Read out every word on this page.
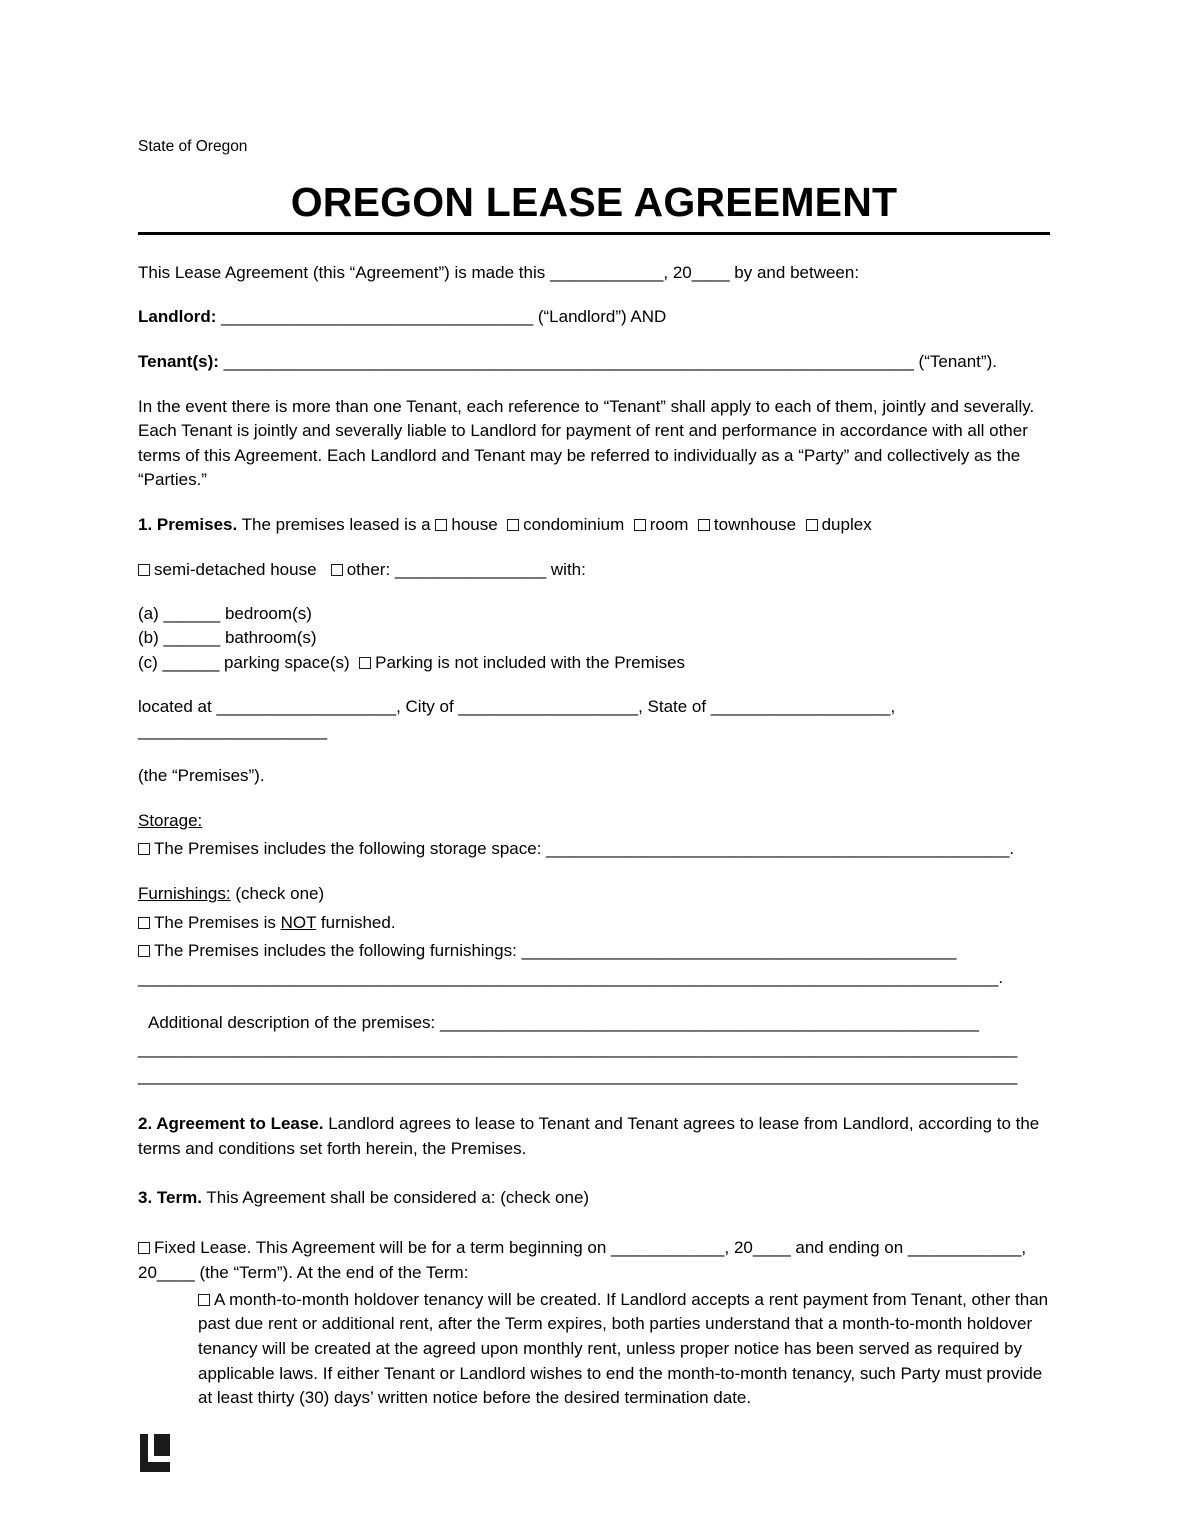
State of Oregon

OREGON LEASE AGREEMENT

This Lease Agreement (this “Agreement”) is made this ____________, 20____ by and between:

Landlord: _________________________________ (“Landlord”) AND

Tenant(s): _________________________________________________________________________ (“Tenant”).

In the event there is more than one Tenant, each reference to “Tenant” shall apply to each of them, jointly and severally. Each Tenant is jointly and severally liable to Landlord for payment of rent and performance in accordance with all other terms of this Agreement. Each Landlord and Tenant may be referred to individually as a “Party” and collectively as the “Parties.”

1. Premises. The premises leased is a house condominium room townhouse duplex

semi-detached house other: ________________ with:

(a) ______ bedroom(s)

(b) ______ bathroom(s)

(c) ______ parking space(s) Parking is not included with the Premises

located at ___________________, City of ___________________, State of ___________________, ____________________

(the “Premises”).

Storage:

The Premises includes the following storage space: _________________________________________________.

Furnishings: (check one)

The Premises is NOT furnished.

The Premises includes the following furnishings: ______________________________________________

___________________________________________________________________________________________.

Additional description of the premises: _________________________________________________________

_____________________________________________________________________________________________

_____________________________________________________________________________________________

2. Agreement to Lease. Landlord agrees to lease to Tenant and Tenant agrees to lease from Landlord, according to the terms and conditions set forth herein, the Premises.

3. Term. This Agreement shall be considered a: (check one)

Fixed Lease. This Agreement will be for a term beginning on ____________, 20____ and ending on ____________, 20____ (the “Term”). At the end of the Term:

A month-to-month holdover tenancy will be created. If Landlord accepts a rent payment from Tenant, other than past due rent or additional rent, after the Term expires, both parties understand that a month-to-month holdover tenancy will be created at the agreed upon monthly rent, unless proper notice has been served as required by applicable laws. If either Tenant or Landlord wishes to end the month-to-month tenancy, such Party must provide at least thirty (30) days’ written notice before the desired termination date.
